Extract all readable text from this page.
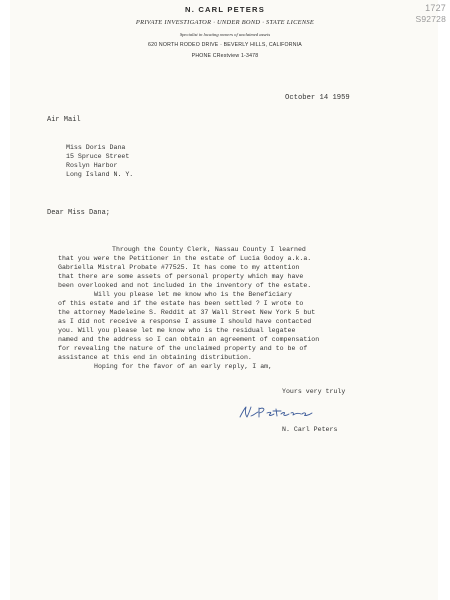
N. CARL PETERS
PRIVATE INVESTIGATOR · UNDER BOND · STATE LICENSE
Specialist in locating owners of unclaimed assets
620 NORTH RODEO DRIVE · BEVERLY HILLS, CALIFORNIA
PHONE CRestview 1-3478
1727
S92728
October 14 1959
Air Mail
Miss Doris Dana
15 Spruce Street
Roslyn Harbor
Long Island N. Y.
Dear Miss Dana;
Through the County Clerk, Nassau County I learned
that you were the Petitioner in the estate of Lucia Godoy a.k.a.
Gabriella Mistral Probate #77525. It has come to my attention
that there are some assets of personal property which may have
been overlooked and not included in the inventory of the estate.
Will you please let me know who is the Beneficiary
of this estate and if the estate has been settled ? I wrote to
the attorney Madeleine S. Reddit at 37 Wall Street New York 5 but
as I did not receive a response I assume I should have contacted
you. Will you please let me know who is the residual legatee
named and the address so I can obtain an agreement of compensation
for revealing the nature of the unclaimed property and to be of
assistance at this end in obtaining distribution.
Hoping for the favor of an early reply, I am,
Yours very truly
N. Carl Peters
